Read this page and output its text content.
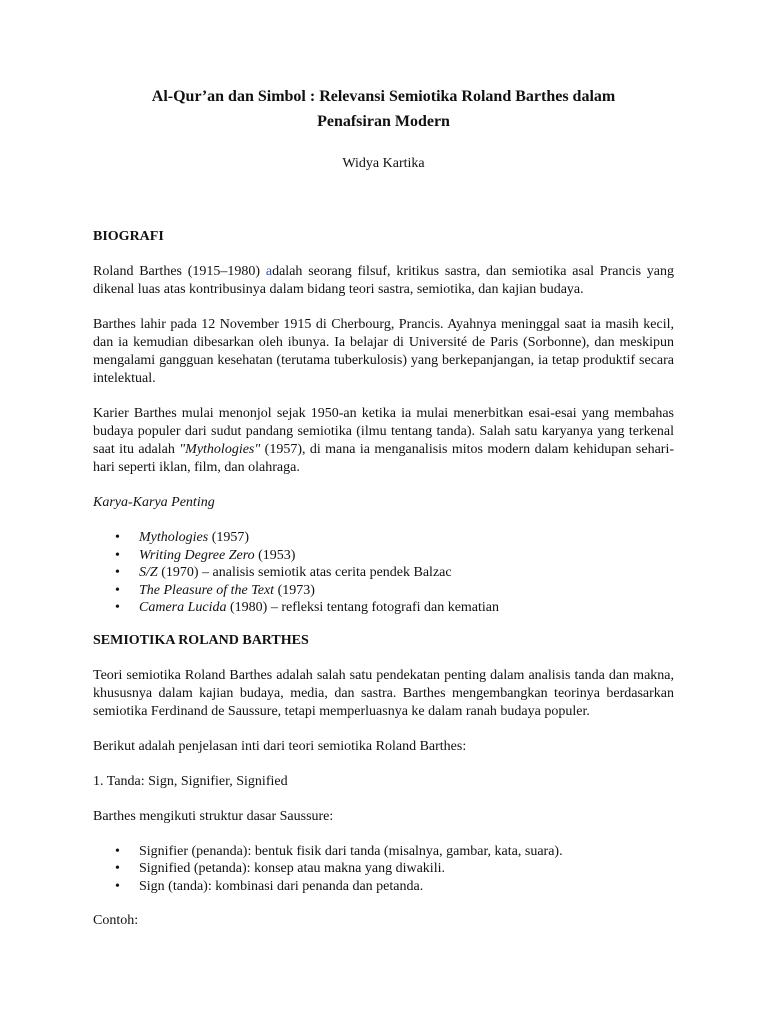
Al-Qur’an dan Simbol : Relevansi Semiotika Roland Barthes dalam
Penafsiran Modern

Widya Kartika

BIOGRAFI

Roland Barthes (1915–1980) adalah seorang filsuf, kritikus sastra, dan semiotika asal Prancis yang dikenal luas atas kontribusinya dalam bidang teori sastra, semiotika, dan kajian budaya.

Barthes lahir pada 12 November 1915 di Cherbourg, Prancis. Ayahnya meninggal saat ia masih kecil, dan ia kemudian dibesarkan oleh ibunya. Ia belajar di Université de Paris (Sorbonne), dan meskipun mengalami gangguan kesehatan (terutama tuberkulosis) yang berkepanjangan, ia tetap produktif secara intelektual.

Karier Barthes mulai menonjol sejak 1950-an ketika ia mulai menerbitkan esai-esai yang membahas budaya populer dari sudut pandang semiotika (ilmu tentang tanda). Salah satu karyanya yang terkenal saat itu adalah "Mythologies" (1957), di mana ia menganalisis mitos modern dalam kehidupan sehari-hari seperti iklan, film, dan olahraga.

Karya-Karya Penting

• Mythologies (1957)
• Writing Degree Zero (1953)
• S/Z (1970) – analisis semiotik atas cerita pendek Balzac
• The Pleasure of the Text (1973)
• Camera Lucida (1980) – refleksi tentang fotografi dan kematian

SEMIOTIKA ROLAND BARTHES

Teori semiotika Roland Barthes adalah salah satu pendekatan penting dalam analisis tanda dan makna, khususnya dalam kajian budaya, media, dan sastra. Barthes mengembangkan teorinya berdasarkan semiotika Ferdinand de Saussure, tetapi memperluasnya ke dalam ranah budaya populer.

Berikut adalah penjelasan inti dari teori semiotika Roland Barthes:

1. Tanda: Sign, Signifier, Signified

Barthes mengikuti struktur dasar Saussure:

• Signifier (penanda): bentuk fisik dari tanda (misalnya, gambar, kata, suara).
• Signified (petanda): konsep atau makna yang diwakili.
• Sign (tanda): kombinasi dari penanda dan petanda.

Contoh:
